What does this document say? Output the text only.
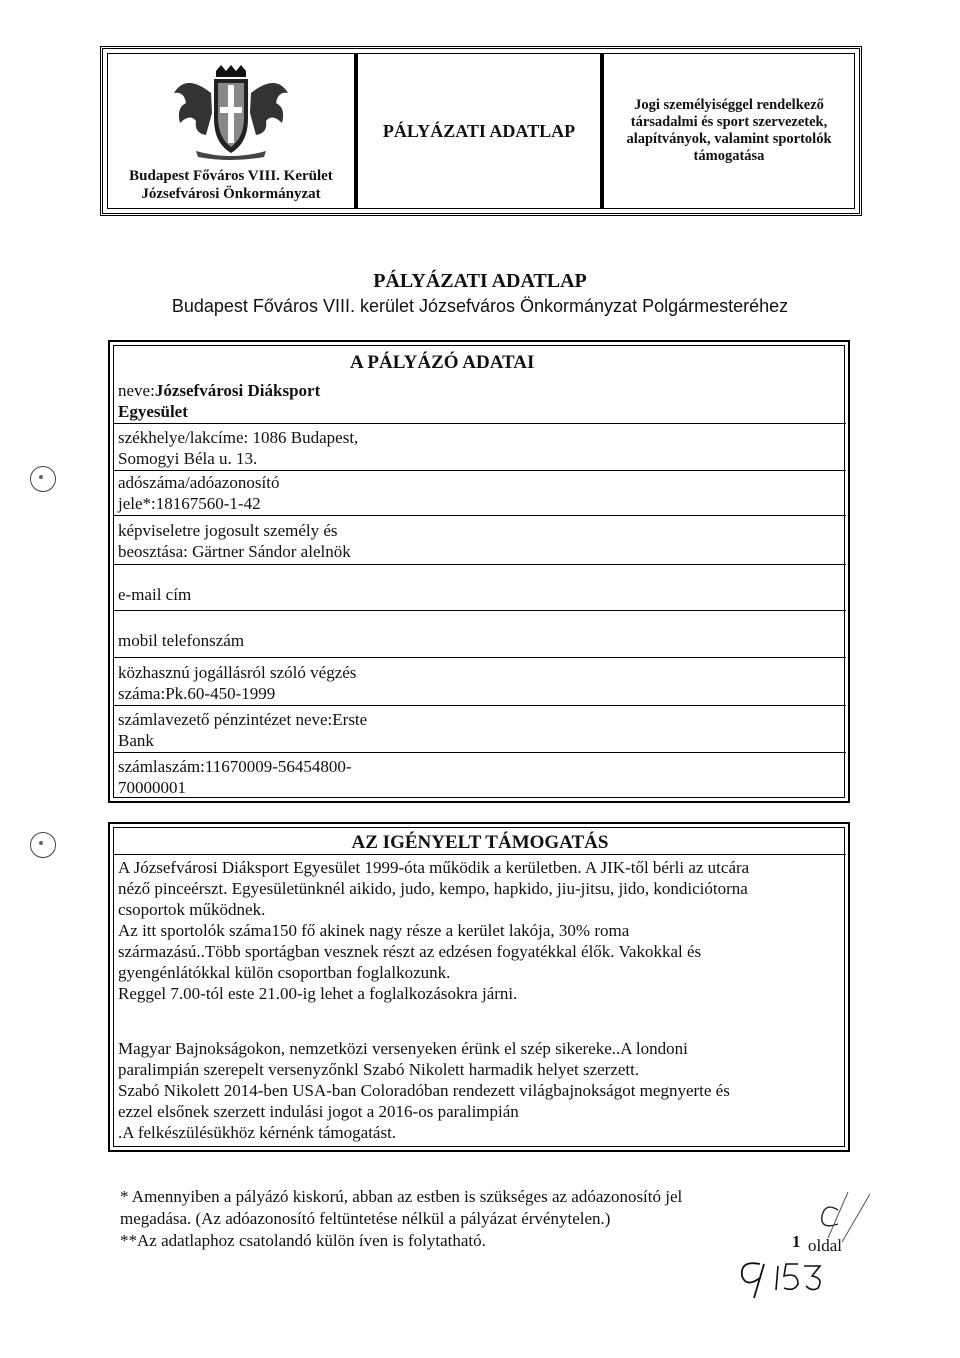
Budapest Főváros VIII. Kerület
Józsefvárosi Önkormányzat
PÁLYÁZATI ADATLAP
Jogi személyiséggel rendelkező
társadalmi és sport szervezetek,
alapítványok, valamint sportolók
támogatása
PÁLYÁZATI ADATLAP
Budapest Főváros VIII. kerület Józsefváros Önkormányzat Polgármesteréhez
A PÁLYÁZÓ ADATAI
neve:Józsefvárosi Diáksport
Egyesület
székhelye/lakcíme: 1086 Budapest,
Somogyi Béla u. 13.
adószáma/adóazonosító
jele*:18167560-1-42
képviseletre jogosult személy és
beosztása: Gärtner Sándor alelnök
e-mail cím
mobil telefonszám
közhasznú jogállásról szóló végzés
száma:Pk.60-450-1999
számlavezető pénzintézet neve:Erste
Bank
számlaszám:11670009-56454800-
70000001
AZ IGÉNYELT TÁMOGATÁS
A Józsefvárosi Diáksport Egyesület 1999-óta működik a kerületben. A JIK-től bérli az utcára
néző pinceérszt. Egyesületünknél aikido, judo, kempo, hapkido, jiu-jitsu, jido, kondiciótorna
csoportok működnek.
Az itt sportolók száma150 fő akinek nagy része a kerület lakója, 30% roma
származású..Több sportágban vesznek részt az edzésen fogyatékkal élők. Vakokkal és
gyengénlátókkal külön csoportban foglalkozunk.
Reggel 7.00-tól este 21.00-ig lehet a foglalkozásokra járni.
Magyar Bajnokságokon, nemzetközi versenyeken érünk el szép sikereke..A londoni
paralimpián szerepelt versenyzőnkl Szabó Nikolett harmadik helyet szerzett.
Szabó Nikolett 2014-ben USA-ban Coloradóban rendezett világbajnokságot megnyerte és
ezzel elsőnek szerzett indulási jogot a 2016-os paralimpián
.A felkészülésükhöz kérnénk támogatást.
* Amennyiben a pályázó kiskorú, abban az estben is szükséges az adóazonosító jel
megadása. (Az adóazonosító feltüntetése nélkül a pályázat érvénytelen.)
**Az adatlaphoz csatolandó külön íven is folytatható.	1 oldal
